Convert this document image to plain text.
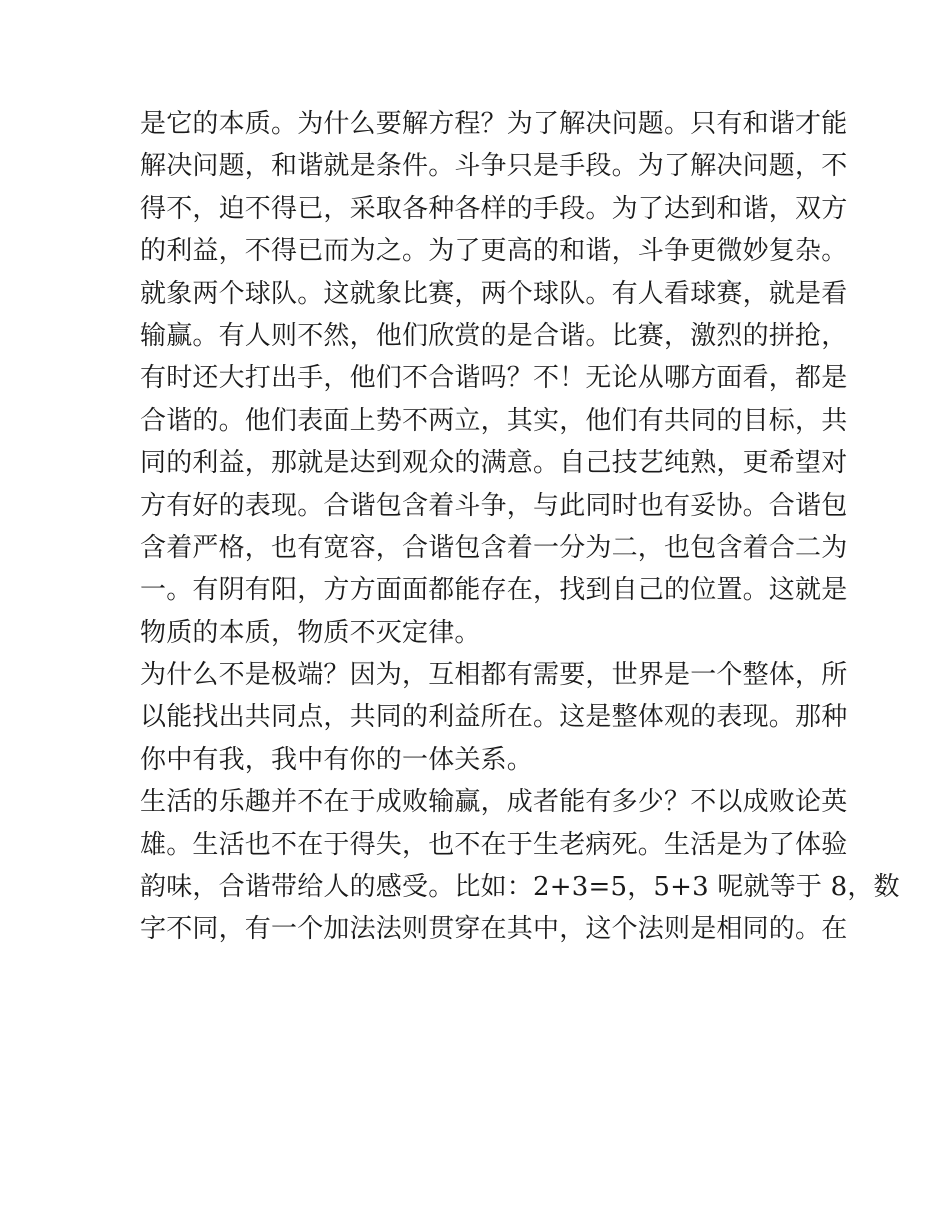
是它的本质。为什么要解方程？为了解决问题。只有和谐才能
解决问题，和谐就是条件。斗争只是手段。为了解决问题，不
得不，迫不得已，采取各种各样的手段。为了达到和谐，双方
的利益，不得已而为之。为了更高的和谐，斗争更微妙复杂。
就象两个球队。这就象比赛，两个球队。有人看球赛，就是看
输赢。有人则不然，他们欣赏的是合谐。比赛，激烈的拼抢，
有时还大打出手，他们不合谐吗？不！无论从哪方面看，都是
合谐的。他们表面上势不两立，其实，他们有共同的目标，共
同的利益，那就是达到观众的满意。自己技艺纯熟，更希望对
方有好的表现。合谐包含着斗争，与此同时也有妥协。合谐包
含着严格，也有宽容，合谐包含着一分为二，也包含着合二为
一。有阴有阳，方方面面都能存在，找到自己的位置。这就是
物质的本质，物质不灭定律。
为什么不是极端？因为，互相都有需要，世界是一个整体，所
以能找出共同点，共同的利益所在。这是整体观的表现。那种
你中有我，我中有你的一体关系。
生活的乐趣并不在于成败输赢，成者能有多少？不以成败论英
雄。生活也不在于得失，也不在于生老病死。生活是为了体验
韵味，合谐带给人的感受。比如：2+3=5，5+3 呢就等于 8，数
字不同，有一个加法法则贯穿在其中，这个法则是相同的。在
